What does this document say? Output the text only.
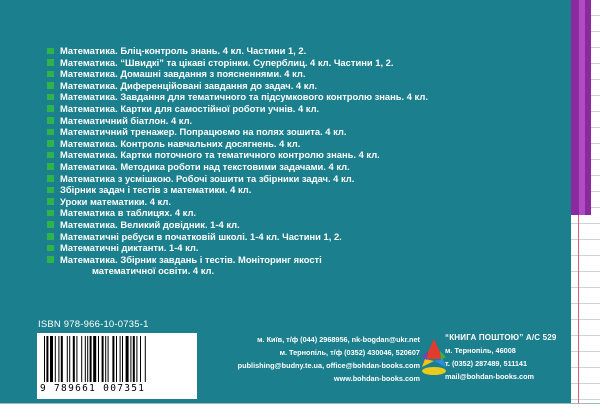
Математика. Бліц-контроль знань. 4 кл. Частини 1, 2.
Математика. “Швидкі” та цікаві сторінки. Суперблиц. 4 кл. Частини 1, 2.
Математика. Домашні завдання з поясненнями. 4 кл.
Математика. Диференційовані завдання до задач. 4 кл.
Математика. Завдання для тематичного та підсумкового контролю знань. 4 кл.
Математика. Картки для самостійної роботи учнів. 4 кл.
Математичний біатлон. 4 кл.
Математичний тренажер. Попрацюємо на полях зошита. 4 кл.
Математика. Контроль навчальних досягнень. 4 кл.
Математика. Картки поточного та тематичного контролю знань. 4 кл.
Математика. Методика роботи над текстовими задачами. 4 кл.
Математика з усмішкою. Робочі зошити та збірники задач. 4 кл.
Збірник задач і тестів з математики. 4 кл.
Уроки математики. 4 кл.
Математика в таблицях. 4 кл.
Математика. Великий довідник. 1-4 кл.
Математичні ребуси в початковій школі. 1-4 кл. Частини 1, 2.
Математичні диктанти. 1-4 кл.
Математика. Збірник завдань і тестів. Моніторинг якості
математичної освіти. 4 кл.
ISBN 978-966-10-0735-1
9 789661 007351
м. Київ, т/ф (044) 2968956, nk-bogdan@ukr.net
м. Тернопіль, т/ф (0352) 430046, 520607
publishing@budny.te.ua, office@bohdan-books.com
www.bohdan-books.com
“КНИГА ПОШТОЮ” А/С 529
м. Тернопіль, 46008
т. (0352) 287489, 511141
mail@bohdan-books.com
